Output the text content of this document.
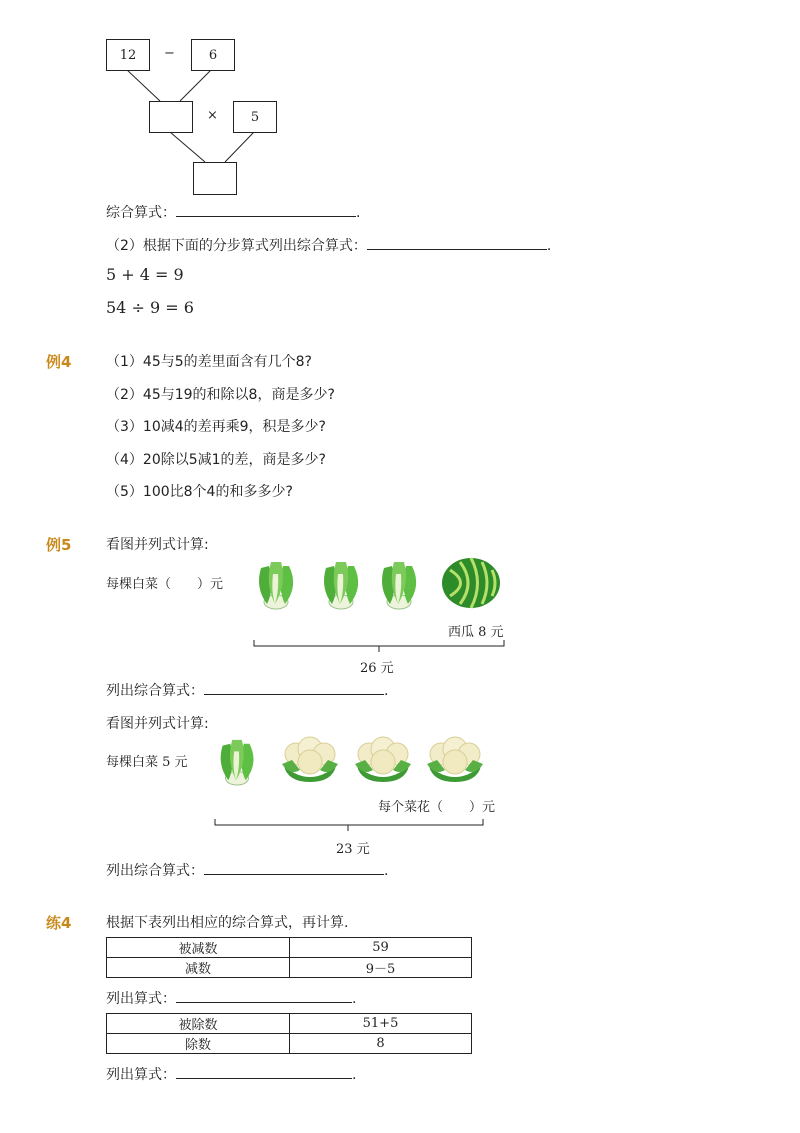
12	−	6
×	5
综合算式：	.
（2）根据下面的分步算式列出综合算式：	.
5 + 4 = 9
54 ÷ 9 = 6
例4 （1）45与5的差里面含有几个8?
（2）45与19的和除以8，商是多少?
（3）10减4的差再乘9，积是多少?
（4）20除以5减1的差，商是多少?
（5）100比8个4的和多多少?
例5 看图并列式计算:
每棵白菜（　　）元
西瓜 8 元
26 元
列出综合算式：	.
看图并列式计算:
每棵白菜 5 元
每个菜花（　　）元
23 元
列出综合算式：	.
练4 根据下表列出相应的综合算式，再计算.
被减数	59
减数	9－5
列出算式：	.
被除数	51+5
除数	8
列出算式：	.
